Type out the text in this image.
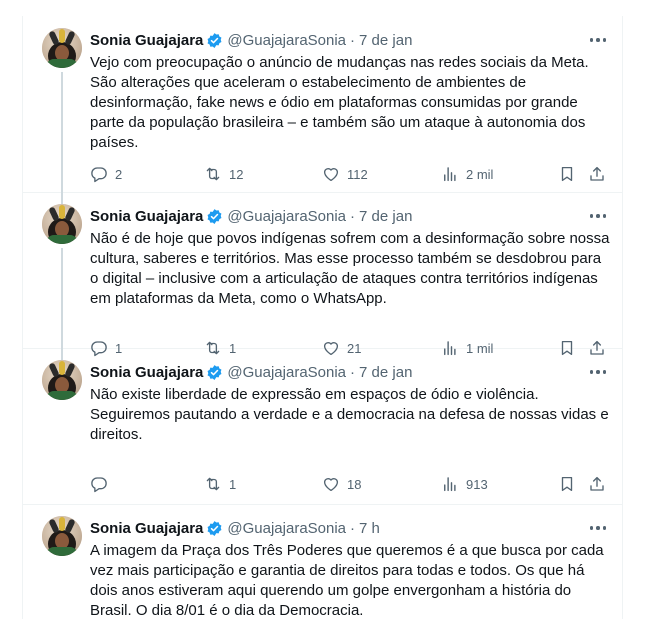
Sonia Guajajara @GuajajaraSonia · 7 de jan
Vejo com preocupação o anúncio de mudanças nas redes sociais da Meta. São alterações que aceleram o estabelecimento de ambientes de desinformação, fake news e ódio em plataformas consumidas por grande parte da população brasileira – e também são um ataque à autonomia dos países.
2	12	112	2 mil
Sonia Guajajara @GuajajaraSonia · 7 de jan
Não é de hoje que povos indígenas sofrem com a desinformação sobre nossa cultura, saberes e territórios. Mas esse processo também se desdobrou para o digital – inclusive com a articulação de ataques contra territórios indígenas em plataformas da Meta, como o WhatsApp.
1	1	21	1 mil
Sonia Guajajara @GuajajaraSonia · 7 de jan
Não existe liberdade de expressão em espaços de ódio e violência. Seguiremos pautando a verdade e a democracia na defesa de nossas vidas e direitos.
1	18	913
Sonia Guajajara @GuajajaraSonia · 7 h
A imagem da Praça dos Três Poderes que queremos é a que busca por cada vez mais participação e garantia de direitos para todas e todos. Os que há dois anos estiveram aqui querendo um golpe envergonham a história do Brasil. O dia 8/01 é o dia da Democracia.
